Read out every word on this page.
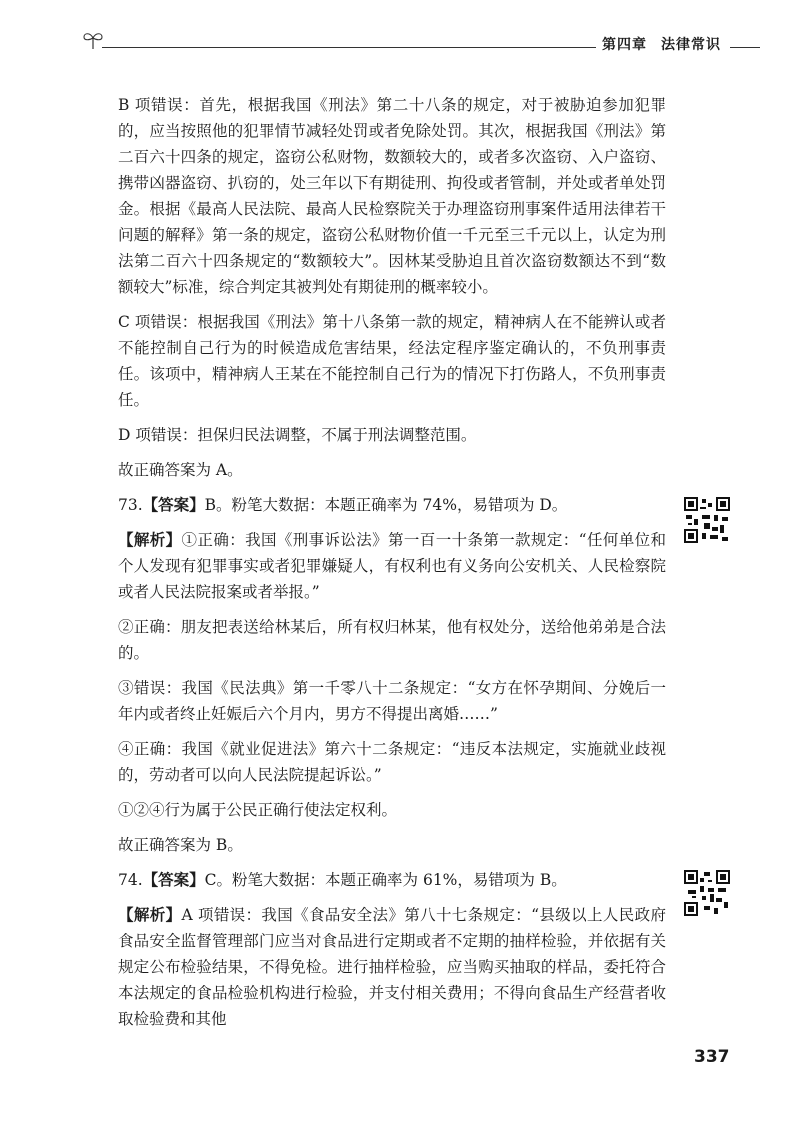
第四章 法律常识

B 项错误：首先，根据我国《刑法》第二十八条的规定，对于被胁迫参加犯罪的，应当按照他的犯罪情节减轻处罚或者免除处罚。其次，根据我国《刑法》第二百六十四条的规定，盗窃公私财物，数额较大的，或者多次盗窃、入户盗窃、携带凶器盗窃、扒窃的，处三年以下有期徒刑、拘役或者管制，并处或者单处罚金。根据《最高人民法院、最高人民检察院关于办理盗窃刑事案件适用法律若干问题的解释》第一条的规定，盗窃公私财物价值一千元至三千元以上，认定为刑法第二百六十四条规定的“数额较大”。因林某受胁迫且首次盗窃数额达不到“数额较大”标准，综合判定其被判处有期徒刑的概率较小。

C 项错误：根据我国《刑法》第十八条第一款的规定，精神病人在不能辨认或者不能控制自己行为的时候造成危害结果，经法定程序鉴定确认的，不负刑事责任。该项中，精神病人王某在不能控制自己行为的情况下打伤路人，不负刑事责任。

D 项错误：担保归民法调整，不属于刑法调整范围。

故正确答案为 A。

73.【答案】B。粉笔大数据：本题正确率为 74%，易错项为 D。

【解析】①正确：我国《刑事诉讼法》第一百一十条第一款规定：“任何单位和个人发现有犯罪事实或者犯罪嫌疑人，有权利也有义务向公安机关、人民检察院或者人民法院报案或者举报。”

②正确：朋友把表送给林某后，所有权归林某，他有权处分，送给他弟弟是合法的。

③错误：我国《民法典》第一千零八十二条规定：“女方在怀孕期间、分娩后一年内或者终止妊娠后六个月内，男方不得提出离婚……”

④正确：我国《就业促进法》第六十二条规定：“违反本法规定，实施就业歧视的，劳动者可以向人民法院提起诉讼。”

①②④行为属于公民正确行使法定权利。

故正确答案为 B。

74.【答案】C。粉笔大数据：本题正确率为 61%，易错项为 B。

【解析】A 项错误：我国《食品安全法》第八十七条规定：“县级以上人民政府食品安全监督管理部门应当对食品进行定期或者不定期的抽样检验，并依据有关规定公布检验结果，不得免检。进行抽样检验，应当购买抽取的样品，委托符合本法规定的食品检验机构进行检验，并支付相关费用；不得向食品生产经营者收取检验费和其他

337
